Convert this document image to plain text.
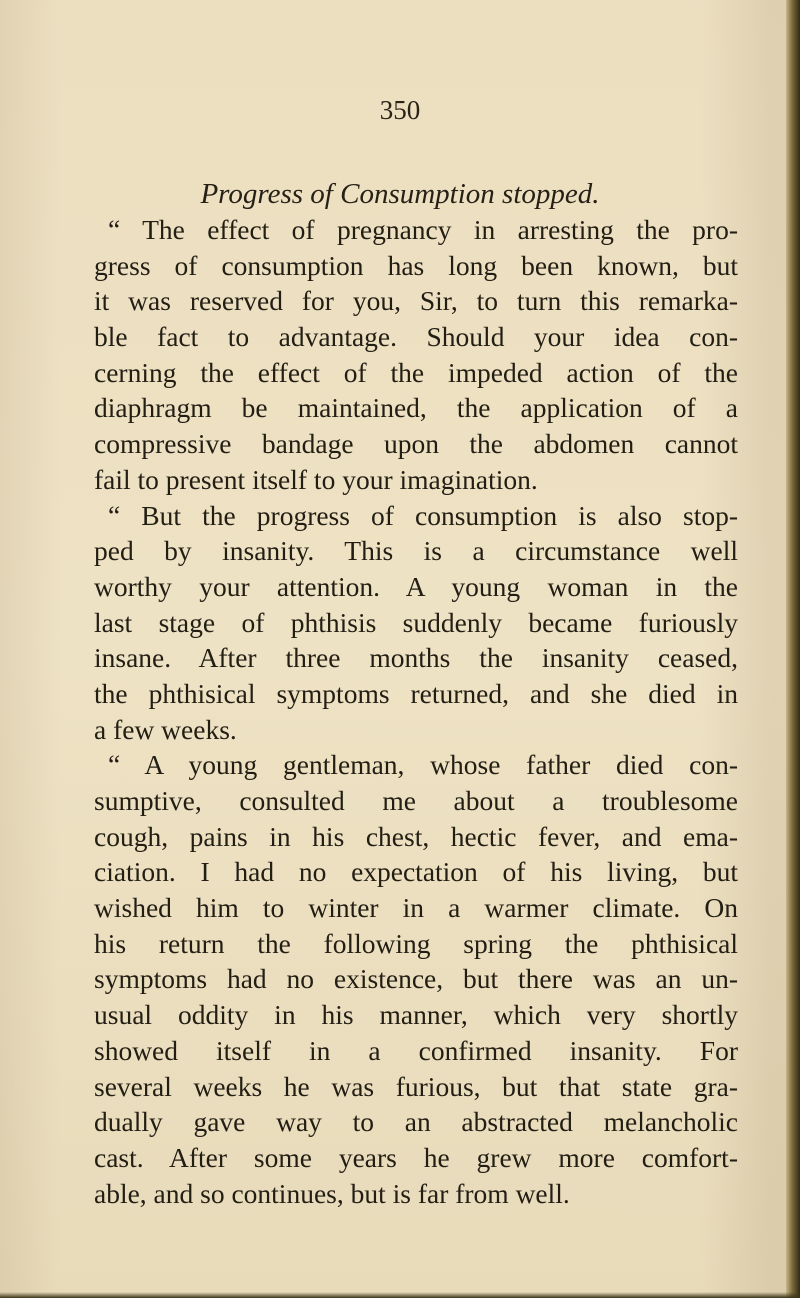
350
Progress of Consumption stopped.
“ The effect of pregnancy in arresting the pro-
gress of consumption has long been known, but
it was reserved for you, Sir, to turn this remarka-
ble fact to advantage. Should your idea con-
cerning the effect of the impeded action of the
diaphragm be maintained, the application of a
compressive bandage upon the abdomen cannot
fail to present itself to your imagination.
“ But the progress of consumption is also stop-
ped by insanity. This is a circumstance well
worthy your attention. A young woman in the
last stage of phthisis suddenly became furiously
insane. After three months the insanity ceased,
the phthisical symptoms returned, and she died in
a few weeks.
“ A young gentleman, whose father died con-
sumptive, consulted me about a troublesome
cough, pains in his chest, hectic fever, and ema-
ciation. I had no expectation of his living, but
wished him to winter in a warmer climate. On
his return the following spring the phthisical
symptoms had no existence, but there was an un-
usual oddity in his manner, which very shortly
showed itself in a confirmed insanity. For
several weeks he was furious, but that state gra-
dually gave way to an abstracted melancholic
cast. After some years he grew more comfort-
able, and so continues, but is far from well.
